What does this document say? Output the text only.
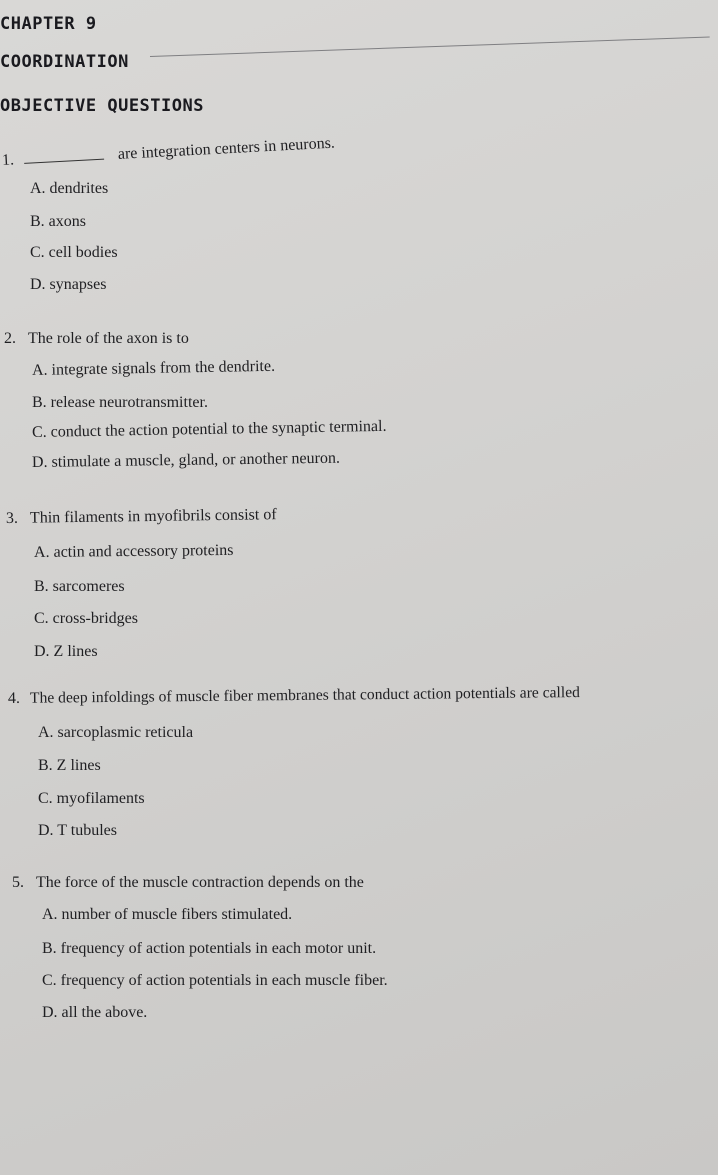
CHAPTER 9
COORDINATION
OBJECTIVE QUESTIONS
1.	are integration centers in neurons.
A. dendrites
B. axons
C. cell bodies
D. synapses
2. The role of the axon is to
A. integrate signals from the dendrite.
B. release neurotransmitter.
C. conduct the action potential to the synaptic terminal.
D. stimulate a muscle, gland, or another neuron.
3. Thin filaments in myofibrils consist of
A. actin and accessory proteins
B. sarcomeres
C. cross-bridges
D. Z lines
4. The deep infoldings of muscle fiber membranes that conduct action potentials are called
A. sarcoplasmic reticula
B. Z lines
C. myofilaments
D. T tubules
5. The force of the muscle contraction depends on the
A. number of muscle fibers stimulated.
B. frequency of action potentials in each motor unit.
C. frequency of action potentials in each muscle fiber.
D. all the above.
